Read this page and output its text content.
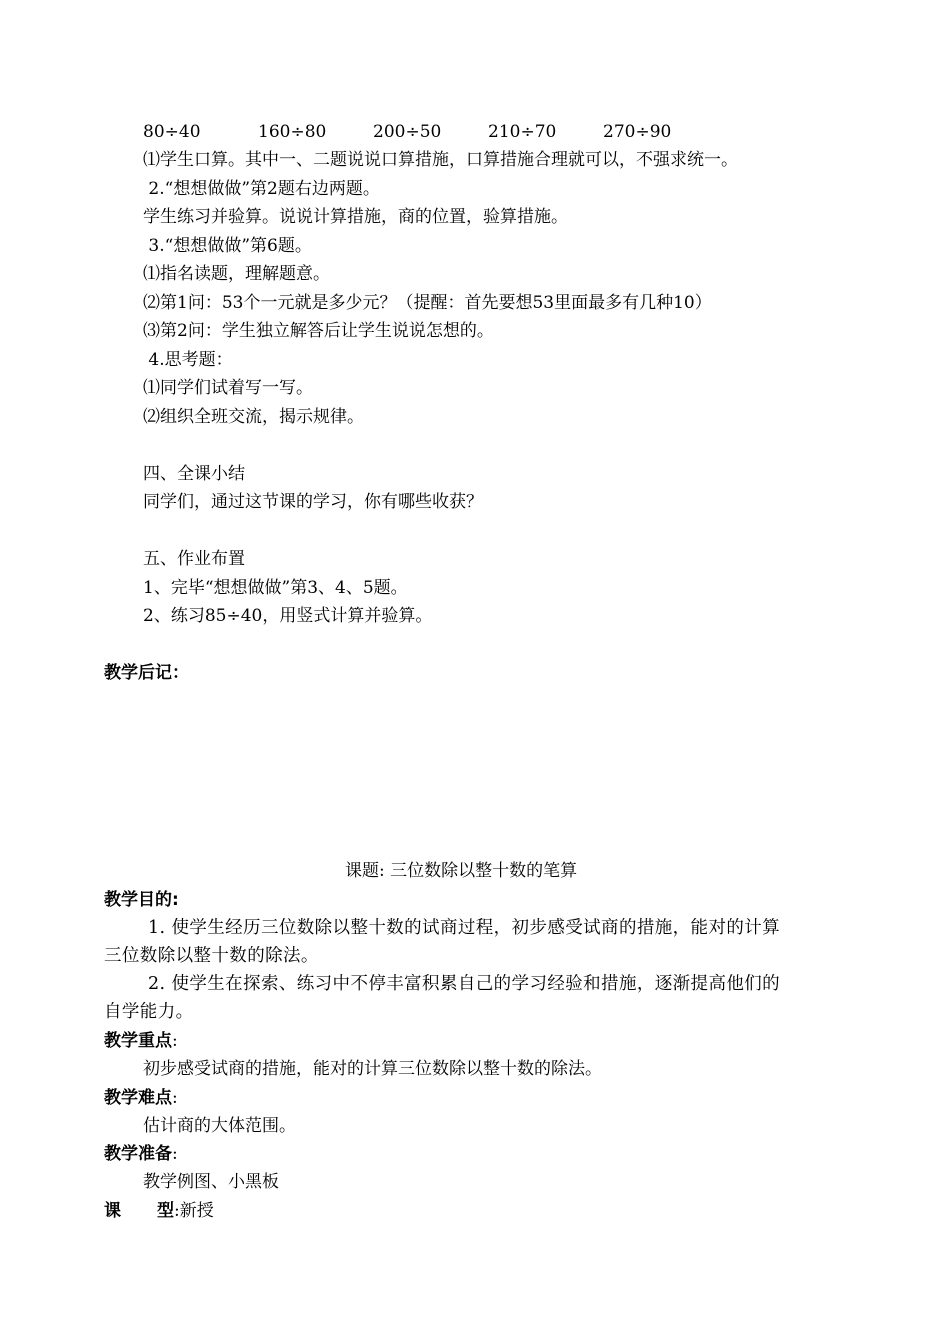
80÷40	160÷80	200÷50	210÷70	270÷90
⑴学生口算。其中一、二题说说口算措施，口算措施合理就可以，不强求统一。
2.“想想做做”第2题右边两题。
学生练习并验算。说说计算措施，商的位置，验算措施。
3.“想想做做”第6题。
⑴指名读题，理解题意。
⑵第1问：53个一元就是多少元？（提醒：首先要想53里面最多有几种10）
⑶第2问：学生独立解答后让学生说说怎想的。
4.思考题：
⑴同学们试着写一写。
⑵组织全班交流，揭示规律。
四、全课小结
同学们，通过这节课的学习，你有哪些收获？
五、作业布置
1、完毕“想想做做”第3、4、5题。
2、练习85÷40，用竖式计算并验算。
教学后记：
课题: 三位数除以整十数的笔算
教学目的:
1. 使学生经历三位数除以整十数的试商过程，初步感受试商的措施，能对的计算
三位数除以整十数的除法。
2. 使学生在探索、练习中不停丰富积累自己的学习经验和措施，逐渐提高他们的
自学能力。
教学重点:
初步感受试商的措施，能对的计算三位数除以整十数的除法。
教学难点:
估计商的大体范围。
教学准备:
教学例图、小黑板
课 型:新授
